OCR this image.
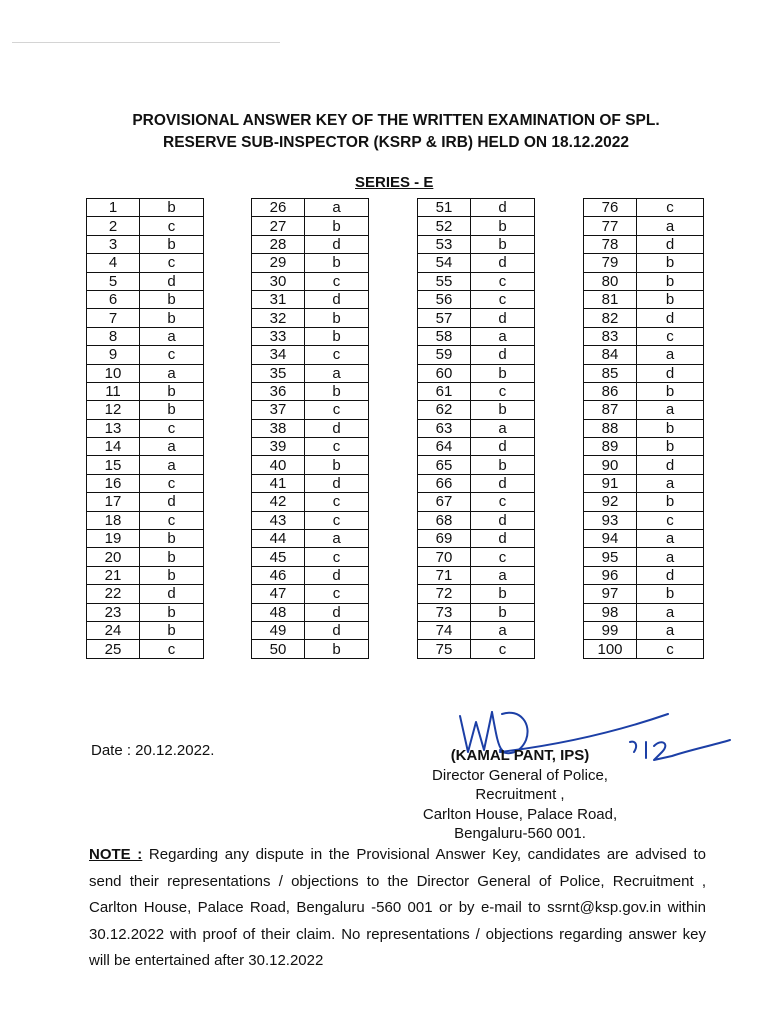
PROVISIONAL ANSWER KEY OF THE WRITTEN EXAMINATION OF SPL.
RESERVE SUB-INSPECTOR (KSRP & IRB) HELD ON 18.12.2022
SERIES - E
1	b
2	c
3	b
4	c
5	d
6	b
7	b
8	a
9	c
10	a
11	b
12	b
13	c
14	a
15	a
16	c
17	d
18	c
19	b
20	b
21	b
22	d
23	b
24	b
25	c
26	a
27	b
28	d
29	b
30	c
31	d
32	b
33	b
34	c
35	a
36	b
37	c
38	d
39	c
40	b
41	d
42	c
43	c
44	a
45	c
46	d
47	c
48	d
49	d
50	b
51	d
52	b
53	b
54	d
55	c
56	c
57	d
58	a
59	d
60	b
61	c
62	b
63	a
64	d
65	b
66	d
67	c
68	d
69	d
70	c
71	a
72	b
73	b
74	a
75	c
76	c
77	a
78	d
79	b
80	b
81	b
82	d
83	c
84	a
85	d
86	b
87	a
88	b
89	b
90	d
91	a
92	b
93	c
94	a
95	a
96	d
97	b
98	a
99	a
100	c
Date : 20.12.2022.	(KAMAL PANT, IPS)
Director General of Police,
Recruitment ,
Carlton House, Palace Road,
Bengaluru-560 001.
NOTE : Regarding any dispute in the Provisional Answer Key, candidates are advised to send their representations / objections to the Director General of Police, Recruitment , Carlton House, Palace Road, Bengaluru -560 001 or by e-mail to ssrnt@ksp.gov.in within 30.12.2022 with proof of their claim. No representations / objections regarding answer key will be entertained after 30.12.2022
